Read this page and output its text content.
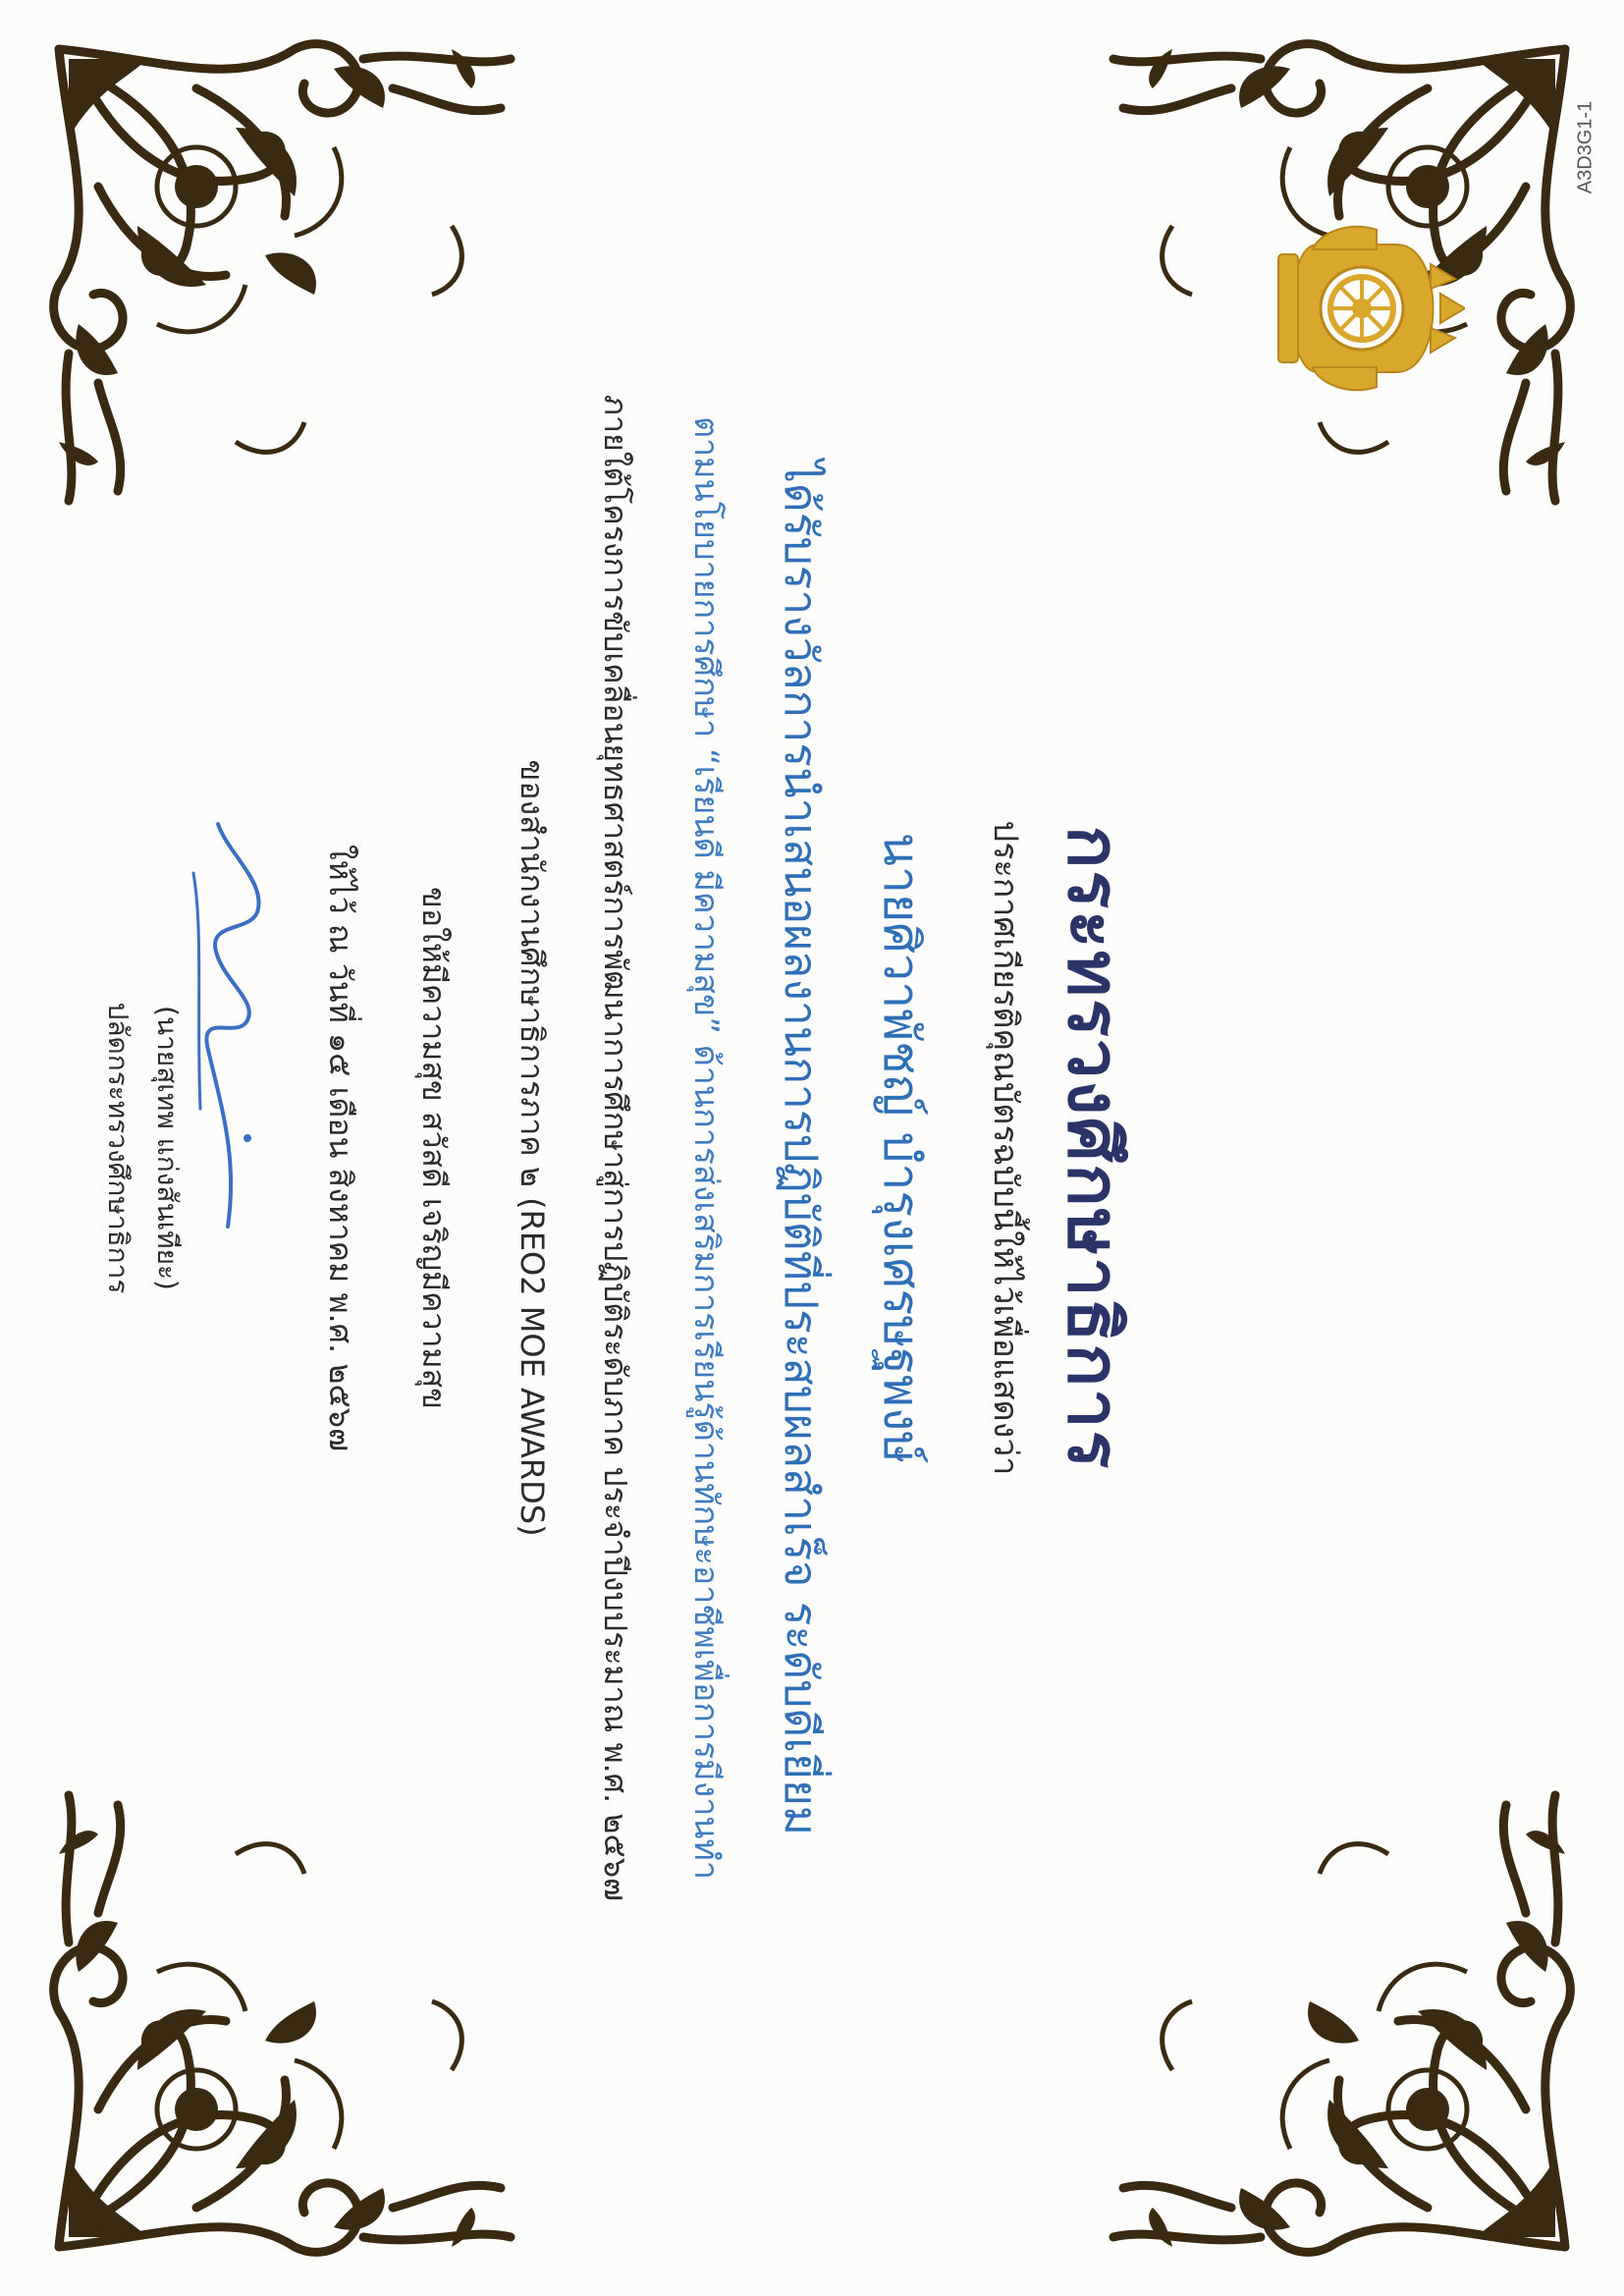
A3D3G1-1
กระทรวงศึกษาธิการ
ประกาศเกียรติคุณบัตรฉบับนี้ให้ไว้เพื่อแสดงว่า
นายศิวาพัชญ์ บำรุงเศรษฐพงษ์
ได้รับรางวัลการนำเสนอผลงานการปฏิบัติที่ประสบผลสำเร็จ ระดับดีเยี่ยม
ตามนโยบายการศึกษา “เรียนดี มีความสุข” ด้านการส่งเสริมการเรียนรู้ด้านทักษะอาชีพเพื่อการมีงานทำ
ภายใต้โครงการขับเคลื่อนยุทธศาสตร์การพัฒนาการศึกษาสู่การปฏิบัติระดับภาค ประจำปีงบประมาณ พ.ศ. ๒๕๖๗
ของสำนักงานศึกษาธิการภาค ๒ (REO2 MOE AWARDS)
ขอให้มีความสุข สวัสดี เจริญมีความสุข
ให้ไว้ ณ วันที่ ๑๕ เดือน สิงหาคม พ.ศ. ๒๕๖๗
(นายสุเทพ แก่งสันเทียะ)
ปลัดกระทรวงศึกษาธิการ
